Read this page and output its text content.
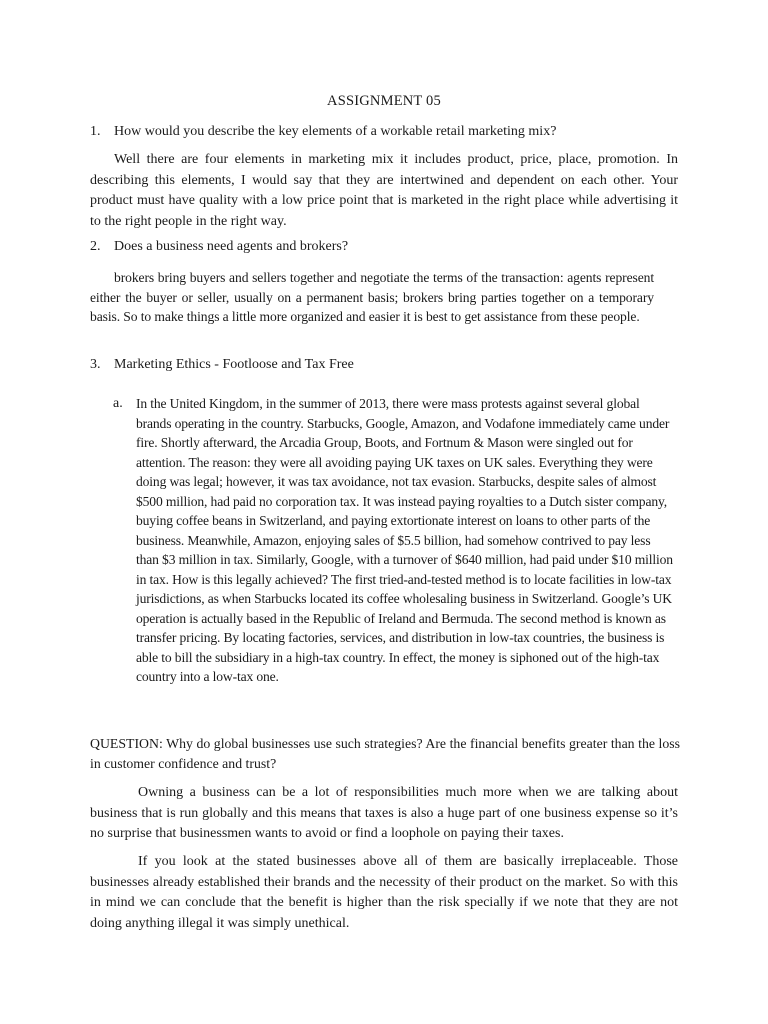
ASSIGNMENT 05
1. How would you describe the key elements of a workable retail marketing mix?

Well there are four elements in marketing mix it includes product, price, place, promotion. In describing this elements, I would say that they are intertwined and dependent on each other. Your product must have quality with a low price point that is marketed in the right place while advertising it to the right people in the right way.

2. Does a business need agents and brokers?

brokers bring buyers and sellers together and negotiate the terms of the transaction: agents represent either the buyer or seller, usually on a permanent basis; brokers bring parties together on a temporary basis. So to make things a little more organized and easier it is best to get assistance from these people.

3. Marketing Ethics - Footloose and Tax Free
a. In the United Kingdom, in the summer of 2013, there were mass protests against several global brands operating in the country. Starbucks, Google, Amazon, and Vodafone immediately came under fire. Shortly afterward, the Arcadia Group, Boots, and Fortnum & Mason were singled out for attention. The reason: they were all avoiding paying UK taxes on UK sales. Everything they were doing was legal; however, it was tax avoidance, not tax evasion. Starbucks, despite sales of almost $500 million, had paid no corporation tax. It was instead paying royalties to a Dutch sister company, buying coffee beans in Switzerland, and paying extortionate interest on loans to other parts of the business. Meanwhile, Amazon, enjoying sales of $5.5 billion, had somehow contrived to pay less than $3 million in tax. Similarly, Google, with a turnover of $640 million, had paid under $10 million in tax. How is this legally achieved? The first tried-and-tested method is to locate facilities in low-tax jurisdictions, as when Starbucks located its coffee wholesaling business in Switzerland. Google’s UK operation is actually based in the Republic of Ireland and Bermuda. The second method is known as transfer pricing. By locating factories, services, and distribution in low-tax countries, the business is able to bill the subsidiary in a high-tax country. In effect, the money is siphoned out of the high-tax country into a low-tax one.

QUESTION: Why do global businesses use such strategies? Are the financial benefits greater than the loss in customer confidence and trust?

Owning a business can be a lot of responsibilities much more when we are talking about business that is run globally and this means that taxes is also a huge part of one business expense so it’s no surprise that businessmen wants to avoid or find a loophole on paying their taxes.

If you look at the stated businesses above all of them are basically irreplaceable. Those businesses already established their brands and the necessity of their product on the market. So with this in mind we can conclude that the benefit is higher than the risk specially if we note that they are not doing anything illegal it was simply unethical.
